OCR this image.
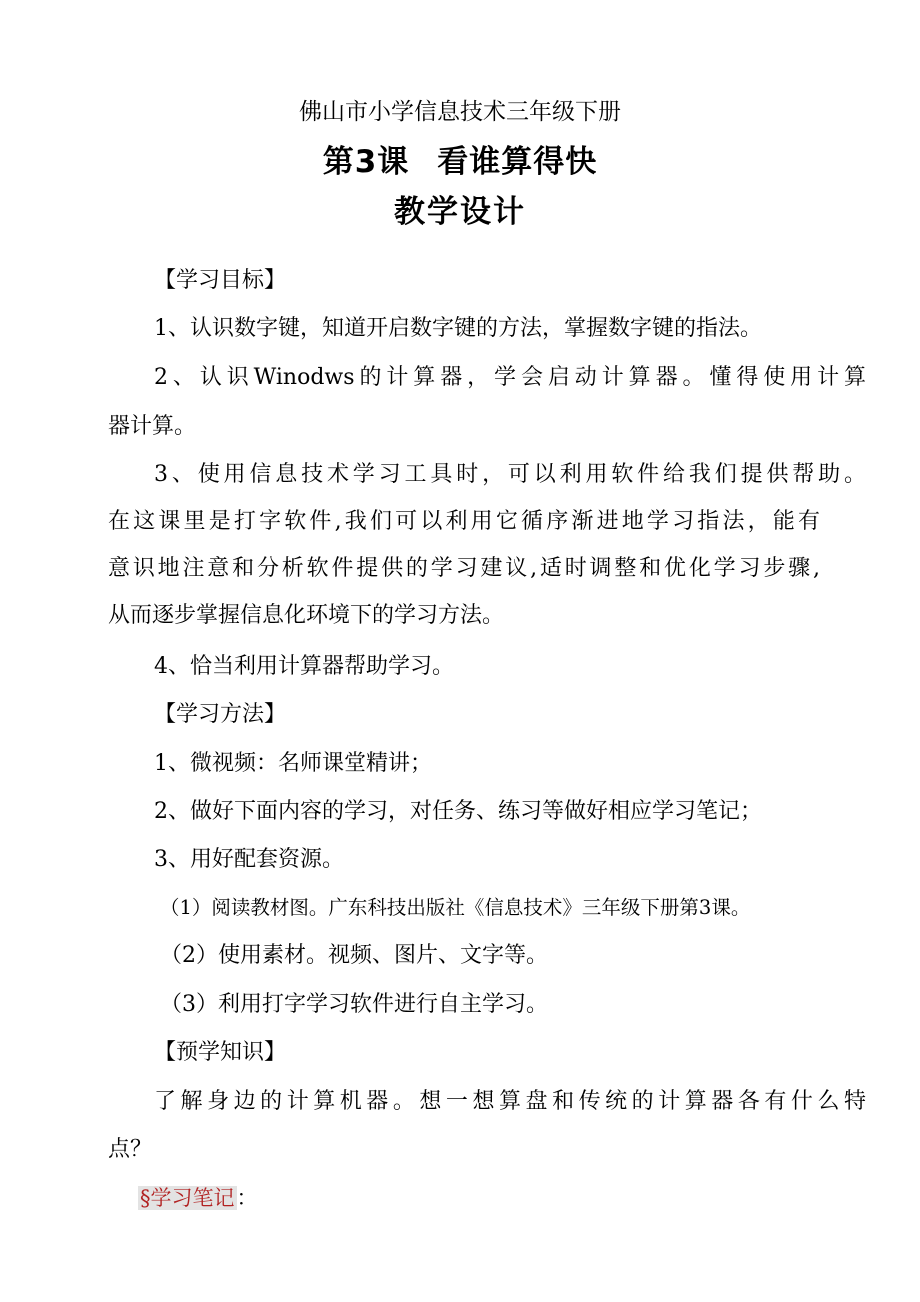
佛山市小学信息技术三年级下册
第3课 看谁算得快
教学设计
【学习目标】
1、认识数字键，知道开启数字键的方法，掌握数字键的指法。
2、认识Winodws的计算器，学会启动计算器。懂得使用计算
器计算。
3、使用信息技术学习工具时，可以利用软件给我们提供帮助。
在这课里是打字软件,我们可以利用它循序渐进地学习指法，能有
意识地注意和分析软件提供的学习建议,适时调整和优化学习步骤,
从而逐步掌握信息化环境下的学习方法。
4、恰当利用计算器帮助学习。
【学习方法】
1、微视频：名师课堂精讲；
2、做好下面内容的学习，对任务、练习等做好相应学习笔记；
3、用好配套资源。
（1）阅读教材图。广东科技出版社《信息技术》三年级下册第3课。
（2）使用素材。视频、图片、文字等。
（3）利用打字学习软件进行自主学习。
【预学知识】
了解身边的计算机器。想一想算盘和传统的计算器各有什么特
点？
§学习笔记：
